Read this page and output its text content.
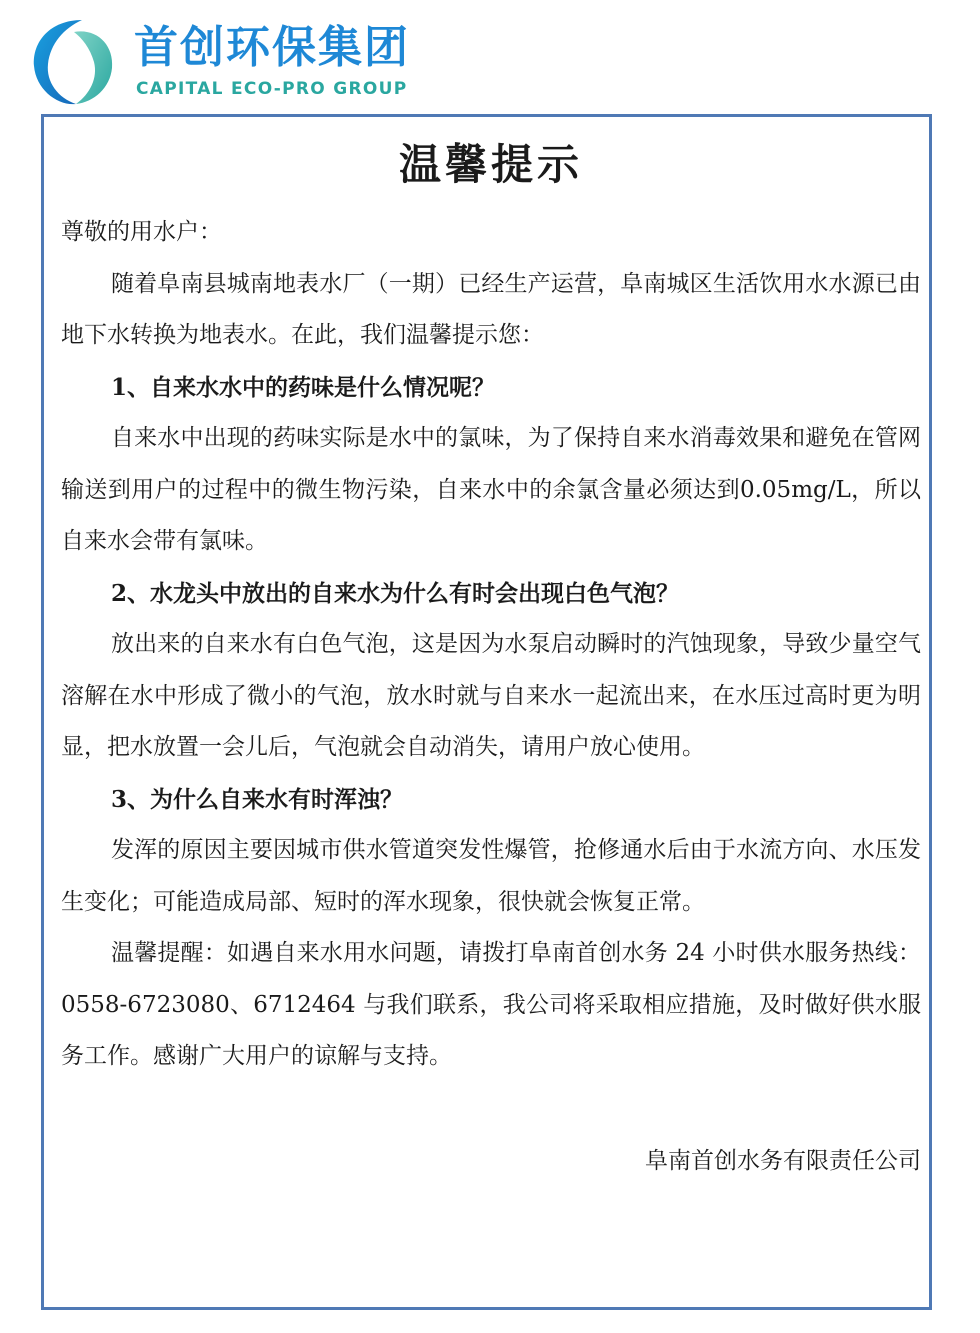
首创环保集团
CAPITAL ECO-PRO GROUP
温馨提示

尊敬的用水户：

随着阜南县城南地表水厂（一期）已经生产运营，阜南城区生活饮用水水源已由地下水转换为地表水。在此，我们温馨提示您：

1、自来水水中的药味是什么情况呢？

自来水中出现的药味实际是水中的氯味，为了保持自来水消毒效果和避免在管网输送到用户的过程中的微生物污染，自来水中的余氯含量必须达到0.05mg/L，所以自来水会带有氯味。

2、水龙头中放出的自来水为什么有时会出现白色气泡？

放出来的自来水有白色气泡，这是因为水泵启动瞬时的汽蚀现象，导致少量空气溶解在水中形成了微小的气泡，放水时就与自来水一起流出来，在水压过高时更为明显，把水放置一会儿后，气泡就会自动消失，请用户放心使用。

3、为什么自来水有时浑浊？

发浑的原因主要因城市供水管道突发性爆管，抢修通水后由于水流方向、水压发生变化；可能造成局部、短时的浑水现象，很快就会恢复正常。

温馨提醒：如遇自来水用水问题，请拨打阜南首创水务 24 小时供水服务热线：0558-6723080、6712464 与我们联系，我公司将采取相应措施，及时做好供水服务工作。感谢广大用户的谅解与支持。

阜南首创水务有限责任公司
